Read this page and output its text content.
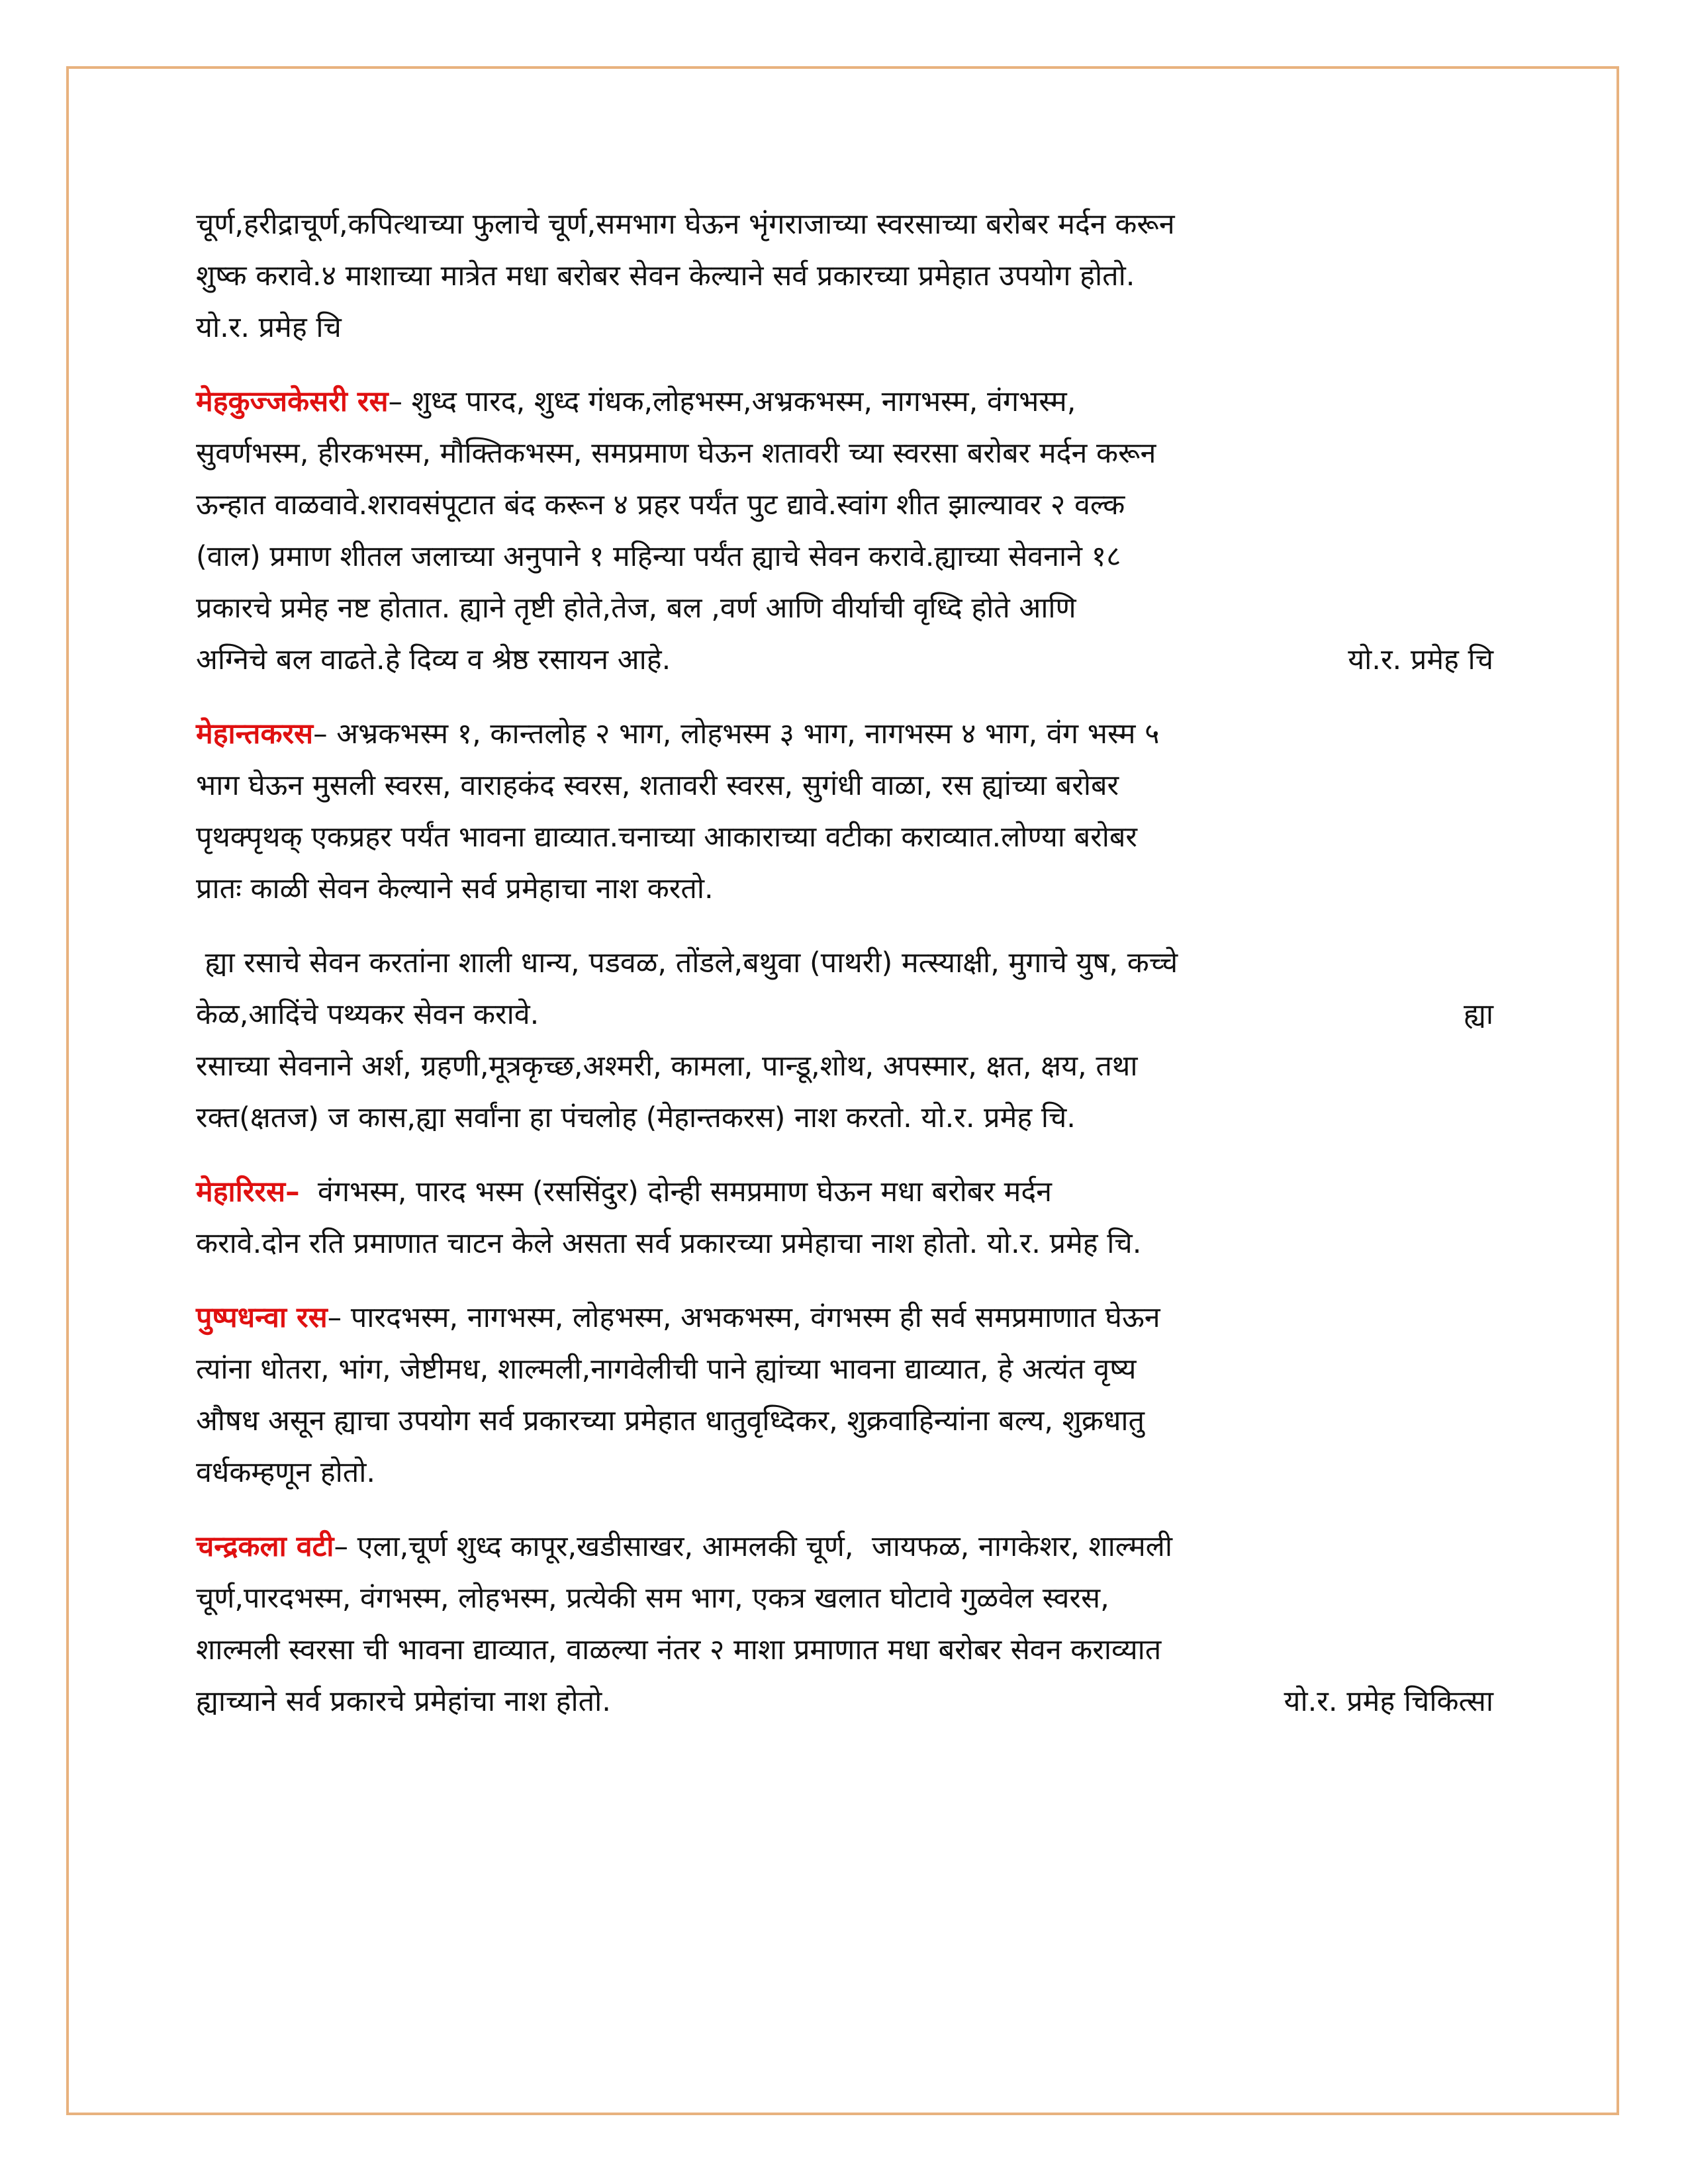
चूर्ण,हरीद्राचूर्ण,कपित्थाच्या फुलाचे चूर्ण,समभाग घेऊन भृंगराजाच्या स्वरसाच्या बरोबर मर्दन करून
शुष्क करावे.४ माशाच्या मात्रेत मधा बरोबर सेवन केल्याने सर्व प्रकारच्या प्रमेहात उपयोग होतो.
यो.र. प्रमेह चि
मेहकुज्जकेसरी रस– शुध्द पारद, शुध्द गंधक,लोहभस्म,अभ्रकभस्म, नागभस्म, वंगभस्म,
सुवर्णभस्म, हीरकभस्म, मौक्तिकभस्म, समप्रमाण घेऊन शतावरी च्या स्वरसा बरोबर मर्दन करून
ऊन्हात वाळवावे.शरावसंपूटात बंद करून ४ प्रहर पर्यंत पुट द्यावे.स्वांग शीत झाल्यावर २ वल्क
(वाल) प्रमाण शीतल जलाच्या अनुपाने १ महिन्या पर्यंत ह्याचे सेवन करावे.ह्याच्या सेवनाने १८
प्रकारचे प्रमेह नष्ट होतात. ह्याने तृष्टी होते,तेज, बल ,वर्ण आणि वीर्याची वृध्दि होते आणि
अग्निचे बल वाढते.हे दिव्य व श्रेष्ठ रसायन आहे.	यो.र. प्रमेह चि
मेहान्तकरस– अभ्रकभस्म १, कान्तलोह २ भाग, लोहभस्म ३ भाग, नागभस्म ४ भाग, वंग भस्म ५
भाग घेऊन मुसली स्वरस, वाराहकंद स्वरस, शतावरी स्वरस, सुगंधी वाळा, रस ह्यांच्या बरोबर
पृथक्पृथक् एकप्रहर पर्यंत भावना द्याव्यात.चनाच्या आकाराच्या वटीका कराव्यात.लोण्या बरोबर
प्रातः काळी सेवन केल्याने सर्व प्रमेहाचा नाश करतो.
ह्या रसाचे सेवन करतांना शाली धान्य, पडवळ, तोंडले,बथुवा (पाथरी) मत्स्याक्षी, मुगाचे युष, कच्चे
केळ,आदिंचे पथ्यकर सेवन करावे.	ह्या
रसाच्या सेवनाने अर्श, ग्रहणी,मूत्रकृच्छ,अश्मरी, कामला, पान्डू,शोथ, अपस्मार, क्षत, क्षय, तथा
रक्त(क्षतज) ज कास,ह्या सर्वांना हा पंचलोह (मेहान्तकरस) नाश करतो. यो.र. प्रमेह चि.
मेहारिरस–  वंगभस्म, पारद भस्म (रससिंदुर) दोन्ही समप्रमाण घेऊन मधा बरोबर मर्दन
करावे.दोन रति प्रमाणात चाटन केले असता सर्व प्रकारच्या प्रमेहाचा नाश होतो. यो.र. प्रमेह चि.
पुष्पधन्वा रस– पारदभस्म, नागभस्म, लोहभस्म, अभकभस्म, वंगभस्म ही सर्व समप्रमाणात घेऊन
त्यांना धोतरा, भांग, जेष्टीमध, शाल्मली,नागवेलीची पाने ह्यांच्या भावना द्याव्यात, हे अत्यंत वृष्य
औषध असून ह्याचा उपयोग सर्व प्रकारच्या प्रमेहात धातुवृध्दिकर, शुक्रवाहिन्यांना बल्य, शुक्रधातु
वर्धकम्हणून होतो.
चन्द्रकला वटी– एला,चूर्ण शुध्द कापूर,खडीसाखर, आमलकी चूर्ण,  जायफळ, नागकेशर, शाल्मली
चूर्ण,पारदभस्म, वंगभस्म, लोहभस्म, प्रत्येकी सम भाग, एकत्र खलात घोटावे गुळवेल स्वरस,
शाल्मली स्वरसा ची भावना द्याव्यात, वाळल्या नंतर २ माशा प्रमाणात मधा बरोबर सेवन कराव्यात
ह्याच्याने सर्व प्रकारचे प्रमेहांचा नाश होतो.	यो.र. प्रमेह चिकित्सा
